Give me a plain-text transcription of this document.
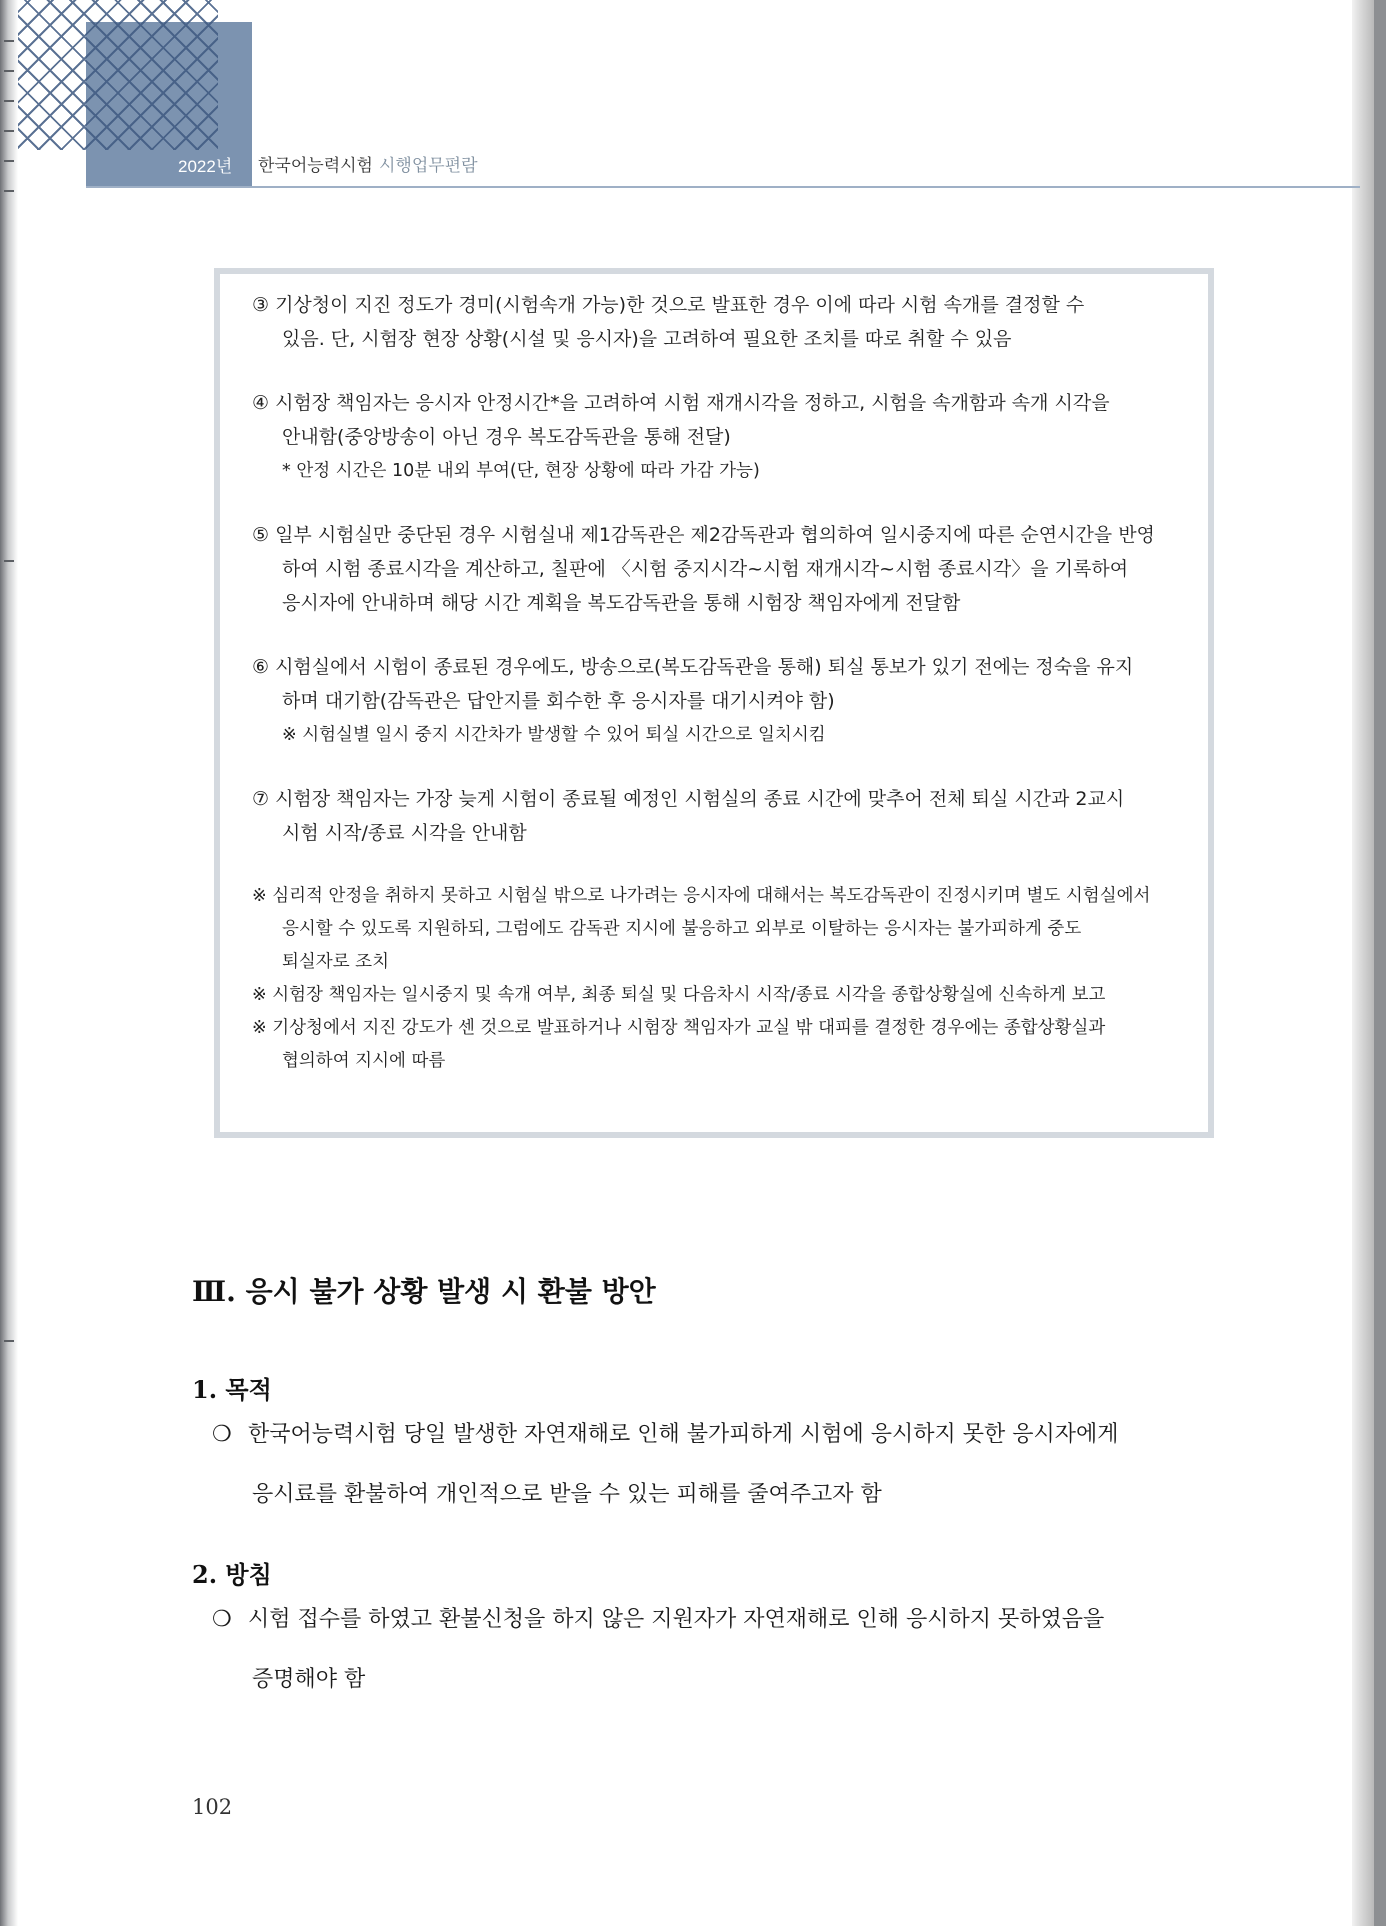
2022년 한국어능력시험 시행업무편람
③ 기상청이 지진 정도가 경미(시험속개 가능)한 것으로 발표한 경우 이에 따라 시험 속개를 결정할 수
있음. 단, 시험장 현장 상황(시설 및 응시자)을 고려하여 필요한 조치를 따로 취할 수 있음
④ 시험장 책임자는 응시자 안정시간*을 고려하여 시험 재개시각을 정하고, 시험을 속개함과 속개 시각을
안내함(중앙방송이 아닌 경우 복도감독관을 통해 전달)
* 안정 시간은 10분 내외 부여(단, 현장 상황에 따라 가감 가능)
⑤ 일부 시험실만 중단된 경우 시험실내 제1감독관은 제2감독관과 협의하여 일시중지에 따른 순연시간을 반영
하여 시험 종료시각을 계산하고, 칠판에 〈시험 중지시각~시험 재개시각~시험 종료시각〉을 기록하여
응시자에 안내하며 해당 시간 계획을 복도감독관을 통해 시험장 책임자에게 전달함
⑥ 시험실에서 시험이 종료된 경우에도, 방송으로(복도감독관을 통해) 퇴실 통보가 있기 전에는 정숙을 유지
하며 대기함(감독관은 답안지를 회수한 후 응시자를 대기시켜야 함)
※ 시험실별 일시 중지 시간차가 발생할 수 있어 퇴실 시간으로 일치시킴
⑦ 시험장 책임자는 가장 늦게 시험이 종료될 예정인 시험실의 종료 시간에 맞추어 전체 퇴실 시간과 2교시
시험 시작/종료 시각을 안내함
※ 심리적 안정을 취하지 못하고 시험실 밖으로 나가려는 응시자에 대해서는 복도감독관이 진정시키며 별도 시험실에서
응시할 수 있도록 지원하되, 그럼에도 감독관 지시에 불응하고 외부로 이탈하는 응시자는 불가피하게 중도
퇴실자로 조치
※ 시험장 책임자는 일시중지 및 속개 여부, 최종 퇴실 및 다음차시 시작/종료 시각을 종합상황실에 신속하게 보고
※ 기상청에서 지진 강도가 센 것으로 발표하거나 시험장 책임자가 교실 밖 대피를 결정한 경우에는 종합상황실과
협의하여 지시에 따름
Ⅲ. 응시 불가 상황 발생 시 환불 방안
1. 목적
❍ 한국어능력시험 당일 발생한 자연재해로 인해 불가피하게 시험에 응시하지 못한 응시자에게
응시료를 환불하여 개인적으로 받을 수 있는 피해를 줄여주고자 함
2. 방침
❍ 시험 접수를 하였고 환불신청을 하지 않은 지원자가 자연재해로 인해 응시하지 못하였음을
증명해야 함
102
